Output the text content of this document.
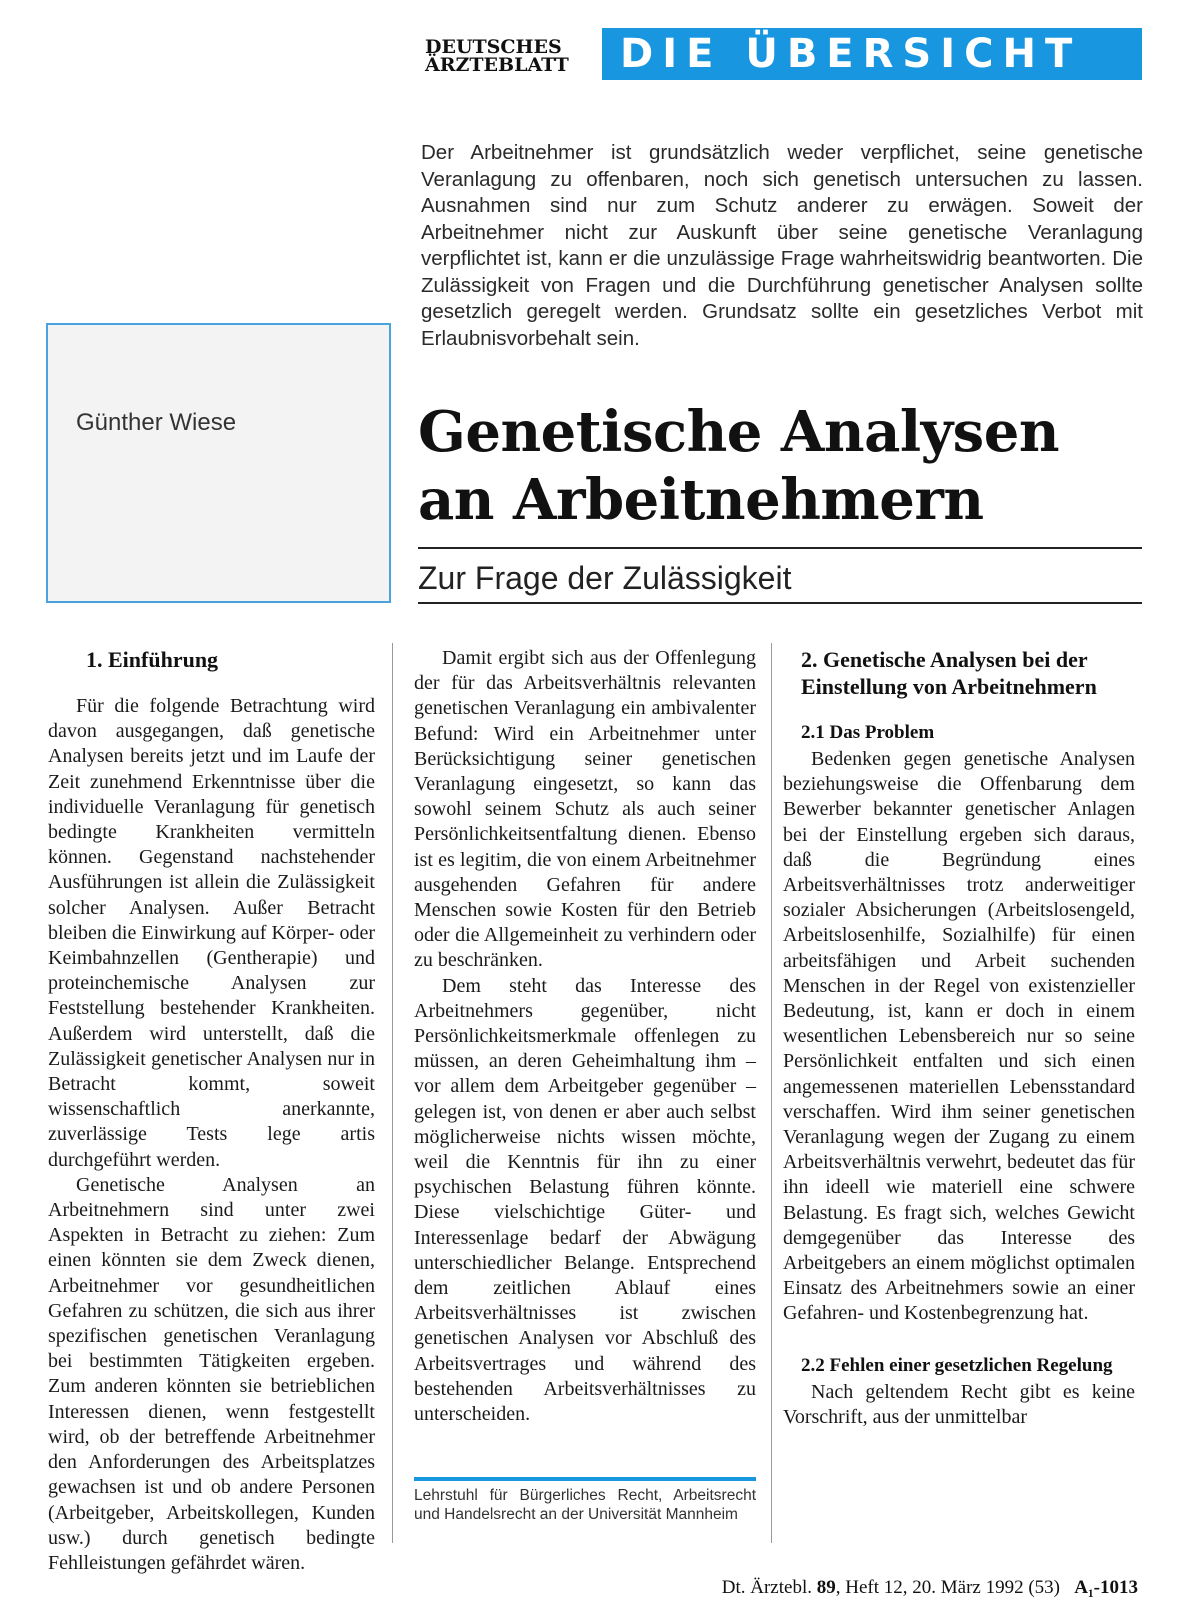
DEUTSCHES
ÄRZTEBLATT	DIE ÜBERSICHT
Der Arbeitnehmer ist grundsätzlich weder verpflichet, seine genetische Veranlagung zu offenbaren, noch sich genetisch untersuchen zu lassen. Ausnahmen sind nur zum Schutz anderer zu erwägen. Soweit der Arbeitnehmer nicht zur Auskunft über seine genetische Veranlagung verpflichtet ist, kann er die unzulässige Frage wahrheitswidrig beantworten. Die Zulässigkeit von Fragen und die Durchführung genetischer Analysen sollte gesetzlich geregelt werden. Grundsatz sollte ein gesetzliches Verbot mit Erlaubnisvorbehalt sein.
Günther Wiese	Genetische Analysen
an Arbeitnehmern
Zur Frage der Zulässigkeit
1. Einführung

Für die folgende Betrachtung wird davon ausgegangen, daß genetische Analysen bereits jetzt und im Laufe der Zeit zunehmend Erkenntnisse über die individuelle Veranlagung für genetisch bedingte Krankheiten vermitteln können. Gegenstand nachstehender Ausführungen ist allein die Zulässigkeit solcher Analysen. Außer Betracht bleiben die Einwirkung auf Körper- oder Keimbahnzellen (Gentherapie) und proteinchemische Analysen zur Feststellung bestehender Krankheiten. Außerdem wird unterstellt, daß die Zulässigkeit genetischer Analysen nur in Betracht kommt, soweit wissenschaftlich anerkannte, zuverlässige Tests lege artis durchgeführt werden.

Genetische Analysen an Arbeitnehmern sind unter zwei Aspekten in Betracht zu ziehen: Zum einen könnten sie dem Zweck dienen, Arbeitnehmer vor gesundheitlichen Gefahren zu schützen, die sich aus ihrer spezifischen genetischen Veranlagung bei bestimmten Tätigkeiten ergeben. Zum anderen könnten sie betrieblichen Interessen dienen, wenn festgestellt wird, ob der betreffende Arbeitnehmer den Anforderungen des Arbeitsplatzes gewachsen ist und ob andere Personen (Arbeitgeber, Arbeitskollegen, Kunden usw.) durch genetisch bedingte Fehlleistungen gefährdet wären.

Damit ergibt sich aus der Offenlegung der für das Arbeitsverhältnis relevanten genetischen Veranlagung ein ambivalenter Befund: Wird ein Arbeitnehmer unter Berücksichtigung seiner genetischen Veranlagung eingesetzt, so kann das sowohl seinem Schutz als auch seiner Persönlichkeitsentfaltung dienen. Ebenso ist es legitim, die von einem Arbeitnehmer ausgehenden Gefahren für andere Menschen sowie Kosten für den Betrieb oder die Allgemeinheit zu verhindern oder zu beschränken.

Dem steht das Interesse des Arbeitnehmers gegenüber, nicht Persönlichkeitsmerkmale offenlegen zu müssen, an deren Geheimhaltung ihm – vor allem dem Arbeitgeber gegenüber – gelegen ist, von denen er aber auch selbst möglicherweise nichts wissen möchte, weil die Kenntnis für ihn zu einer psychischen Belastung führen könnte. Diese vielschichtige Güter- und Interessenlage bedarf der Abwägung unterschiedlicher Belange. Entsprechend dem zeitlichen Ablauf eines Arbeitsverhältnisses ist zwischen genetischen Analysen vor Abschluß des Arbeitsvertrages und während des bestehenden Arbeitsverhältnisses zu unterscheiden.

Lehrstuhl für Bürgerliches Recht, Arbeitsrecht und Handelsrecht an der Universität Mannheim
2. Genetische Analysen bei der Einstellung von Arbeitnehmern
2.1 Das Problem

Bedenken gegen genetische Analysen beziehungsweise die Offenbarung dem Bewerber bekannter genetischer Anlagen bei der Einstellung ergeben sich daraus, daß die Begründung eines Arbeitsverhältnisses trotz anderweitiger sozialer Absicherungen (Arbeitslosengeld, Arbeitslosenhilfe, Sozialhilfe) für einen arbeitsfähigen und Arbeit suchenden Menschen in der Regel von existenzieller Bedeutung, ist, kann er doch in einem wesentlichen Lebensbereich nur so seine Persönlichkeit entfalten und sich einen angemessenen materiellen Lebensstandard verschaffen. Wird ihm seiner genetischen Veranlagung wegen der Zugang zu einem Arbeitsverhältnis verwehrt, bedeutet das für ihn ideell wie materiell eine schwere Belastung. Es fragt sich, welches Gewicht demgegenüber das Interesse des Arbeitgebers an einem möglichst optimalen Einsatz des Arbeitnehmers sowie an einer Gefahren- und Kostenbegrenzung hat.

2.2 Fehlen einer gesetzlichen Regelung

Nach geltendem Recht gibt es keine Vorschrift, aus der unmittelbar

Dt. Ärztebl. 89, Heft 12, 20. März 1992 (53) A₁-1013
